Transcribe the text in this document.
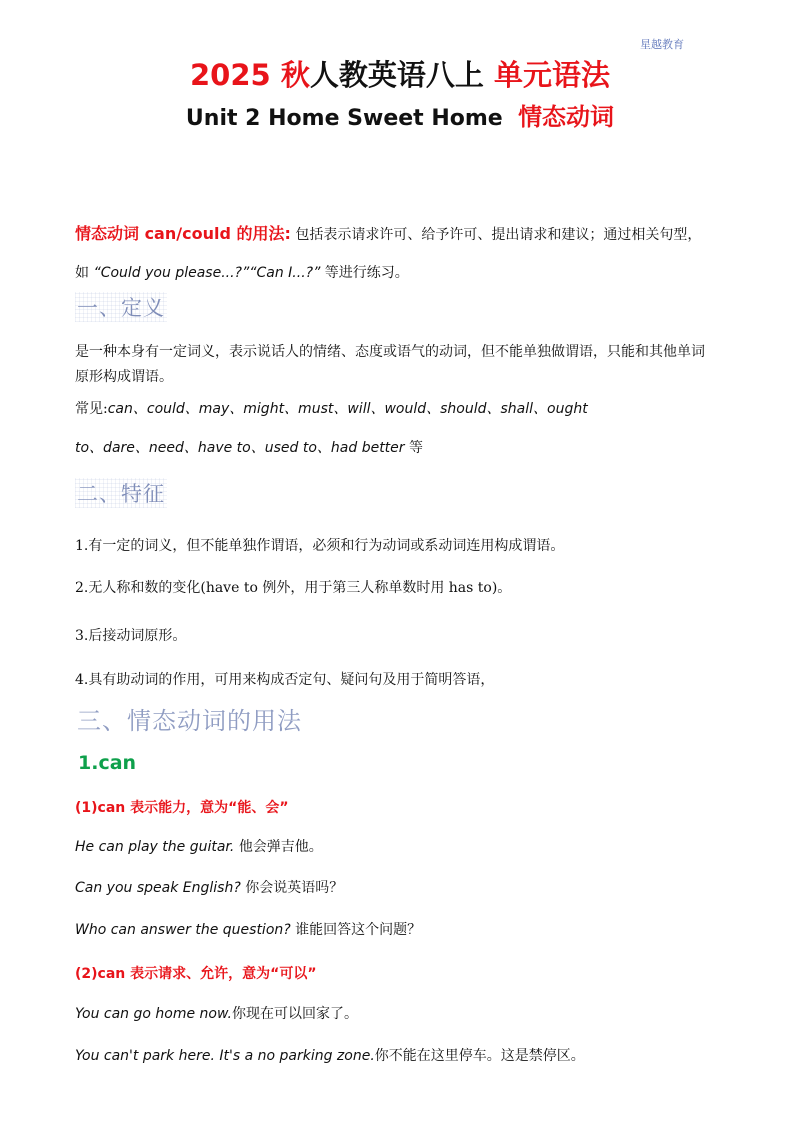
星越教育
2025 秋人教英语八上 单元语法
Unit 2 Home Sweet Home 情态动词
情态动词 can/could 的用法: 包括表示请求许可、给予许可、提出请求和建议；通过相关句型，如 “Could you please...?”“Can I...?” 等进行练习。
一、定义
是一种本身有一定词义，表示说话人的情绪、态度或语气的动词，但不能单独做谓语，只能和其他单词原形构成谓语。
常见:can、could、may、might、must、will、would、should、shall、ought
to、dare、need、have to、used to、had better 等
二、特征
1.有一定的词义，但不能单独作谓语，必须和行为动词或系动词连用构成谓语。
2.无人称和数的变化(have to 例外，用于第三人称单数时用 has to)。
3.后接动词原形。
4.具有助动词的作用，可用来构成否定句、疑问句及用于简明答语，
三、情态动词的用法
1.can
(1)can 表示能力，意为“能、会”
He can play the guitar. 他会弹吉他。
Can you speak English? 你会说英语吗？
Who can answer the question? 谁能回答这个问题？
(2)can 表示请求、允许，意为“可以”
You can go home now.你现在可以回家了。
You can't park here. It's a no parking zone.你不能在这里停车。这是禁停区。
